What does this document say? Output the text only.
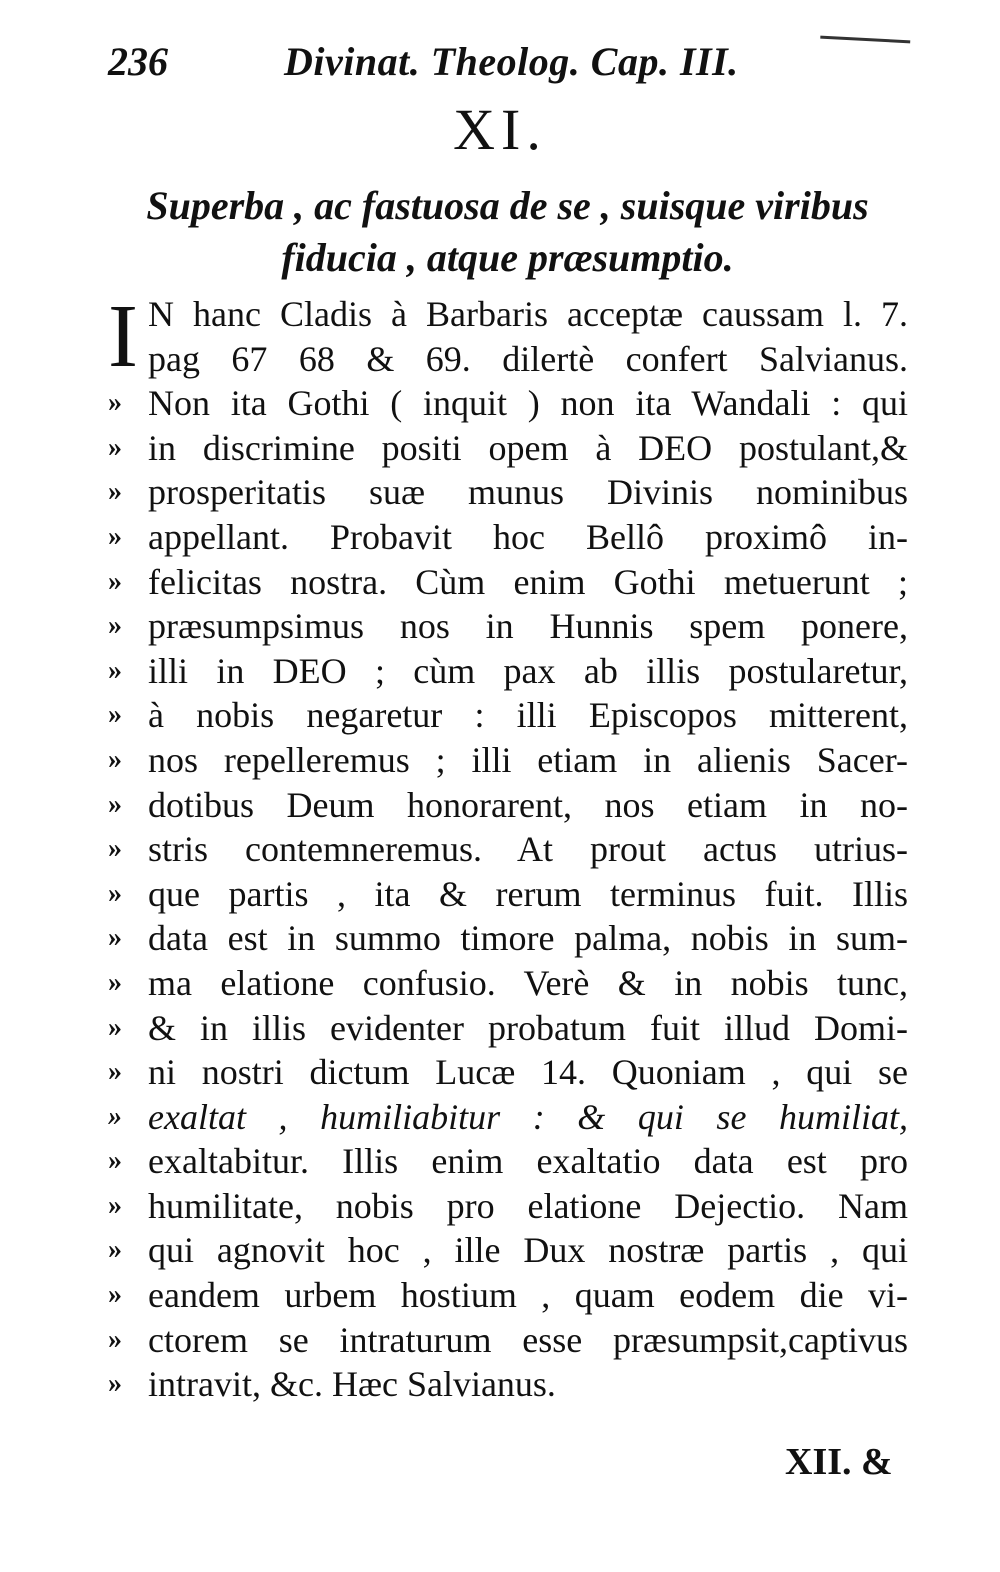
236	Divinat. Theolog. Cap. III.
XI.
Superba , ac fastuosa de se , suisque viribus
fiducia , atque præsumptio.
I N hanc Cladis à Barbaris acceptæ caussam l. 7.
pag 67 68 & 69. dilertè confert Salvianus.
» Non ita Gothi ( inquit ) non ita Wandali : qui
» in discrimine positi opem à DEO postulant,&
» prosperitatis suæ munus Divinis nominibus
» appellant. Probavit hoc Bellô proximô in-
» felicitas nostra. Cùm enim Gothi metuerunt ;
» præsumpsimus nos in Hunnis spem ponere,
» illi in DEO ; cùm pax ab illis postularetur,
» à nobis negaretur : illi Episcopos mitterent,
» nos repelleremus ; illi etiam in alienis Sacer-
» dotibus Deum honorarent, nos etiam in no-
» stris contemneremus. At prout actus utrius-
» que partis , ita & rerum terminus fuit. Illis
» data est in summo timore palma, nobis in sum-
» ma elatione confusio. Verè & in nobis tunc,
» & in illis evidenter probatum fuit illud Domi-
» ni nostri dictum Lucæ 14. Quoniam , qui se
» exaltat , humiliabitur : & qui se humiliat,
» exaltabitur. Illis enim exaltatio data est pro
» humilitate, nobis pro elatione Dejectio. Nam
» qui agnovit hoc , ille Dux nostræ partis , qui
» eandem urbem hostium , quam eodem die vi-
» ctorem se intraturum esse præsumpsit,captivus
» intravit, &c. Hæc Salvianus.
XII. &
